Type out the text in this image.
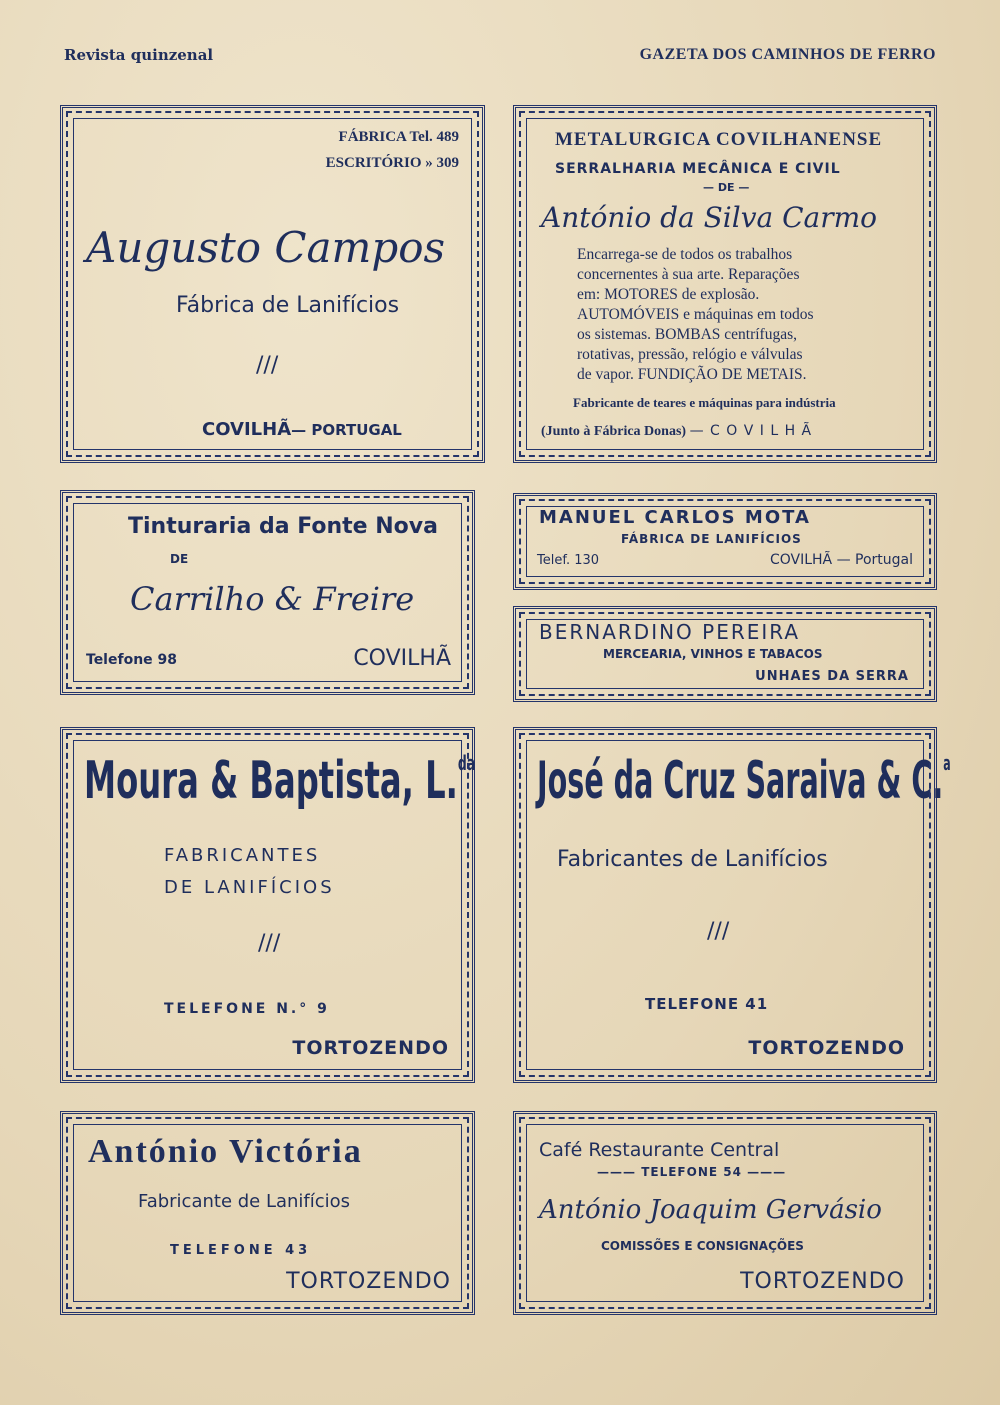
Revista quinzenal	GAZETA DOS CAMINHOS DE FERRO
FÁBRICA Tel. 489
ESCRITÓRIO » 309
Augusto Campos
Fábrica de Lanifícios
///
COVILHÃ— PORTUGAL
METALURGICA COVILHANENSE
SERRALHARIA MECÂNICA E CIVIL
— DE —
António da Silva Carmo
Encarrega-se de todos os trabalhos
concernentes à sua arte. Reparações
em: MOTORES de explosão.
AUTOMÓVEIS e máquinas em todos
os sistemas. BOMBAS centrífugas,
rotativas, pressão, relógio e válvulas
de vapor. FUNDIÇÃO DE METAIS.
Fabricante de teares e máquinas para indústria
(Junto à Fábrica Donas) — C O V I L H Ã
Tinturaria da Fonte Nova
DE
Carrilho & Freire
Telefone 98	COVILHÃ
MANUEL CARLOS MOTA
FÁBRICA DE LANIFÍCIOS
Telef. 130	COVILHÃ — Portugal
BERNARDINO PEREIRA
MERCEARIA, VINHOS E TABACOS
UNHAES DA SERRA
Moura & Baptista, L.$^{da}$
FABRICANTES
DE LANIFÍCIOS
///
TELEFONE N.° 9
TORTOZENDO
José da Cruz Saraiva & C.$^a$
Fabricantes de Lanifícios
///
TELEFONE 41
TORTOZENDO
António Victória
Fabricante de Lanifícios
TELEFONE 43
TORTOZENDO
Café Restaurante Central
——— TELEFONE 54 ———
António Joaquim Gervásio
COMISSÕES E CONSIGNAÇÕES
TORTOZENDO
